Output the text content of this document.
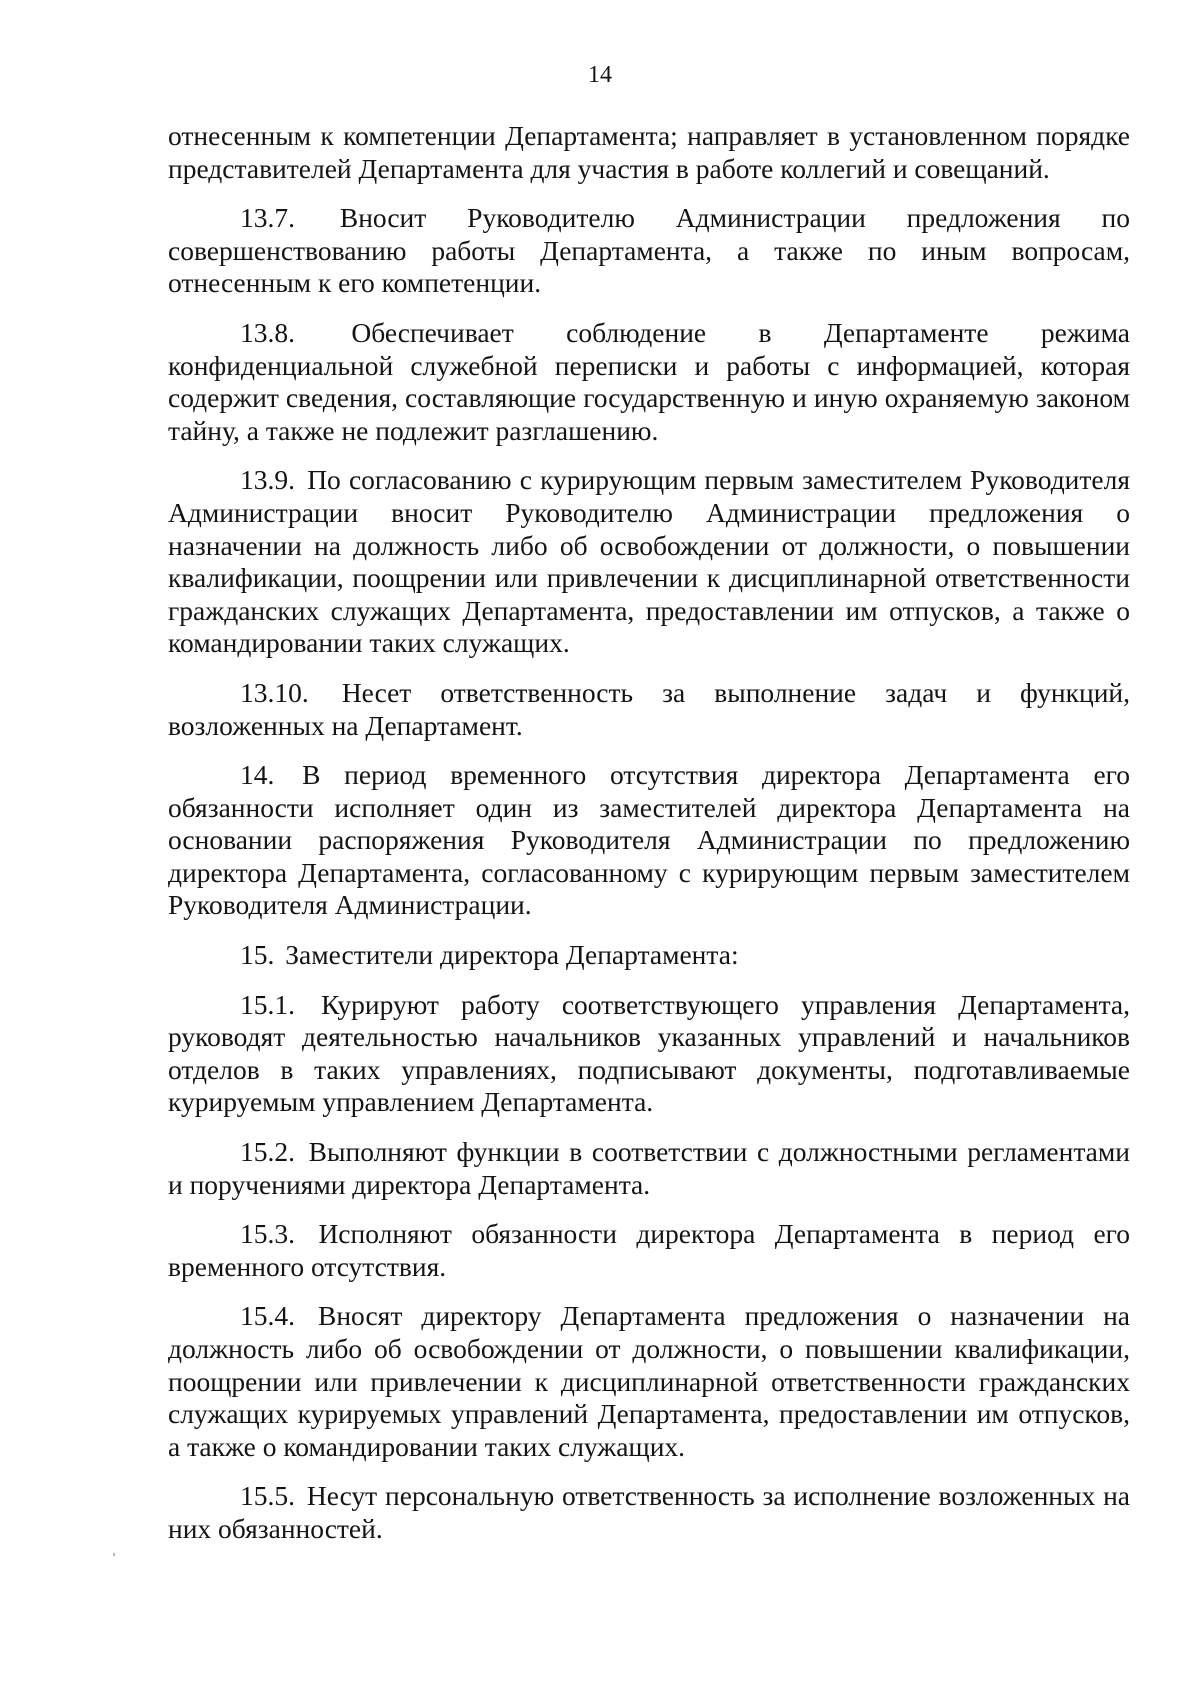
14

отнесенным к компетенции Департамента; направляет в установленном порядке представителей Департамента для участия в работе коллегий и совещаний.

13.7. Вносит Руководителю Администрации предложения по совершенствованию работы Департамента, а также по иным вопросам, отнесенным к его компетенции.

13.8. Обеспечивает соблюдение в Департаменте режима конфиденциальной служебной переписки и работы с информацией, которая содержит сведения, составляющие государственную и иную охраняемую законом тайну, а также не подлежит разглашению.

13.9. По согласованию с курирующим первым заместителем Руководителя Администрации вносит Руководителю Администрации предложения о назначении на должность либо об освобождении от должности, о повышении квалификации, поощрении или привлечении к дисциплинарной ответственности гражданских служащих Департамента, предоставлении им отпусков, а также о командировании таких служащих.

13.10. Несет ответственность за выполнение задач и функций, возложенных на Департамент.

14. В период временного отсутствия директора Департамента его обязанности исполняет один из заместителей директора Департамента на основании распоряжения Руководителя Администрации по предложению директора Департамента, согласованному с курирующим первым заместителем Руководителя Администрации.

15. Заместители директора Департамента:

15.1. Курируют работу соответствующего управления Департамента, руководят деятельностью начальников указанных управлений и начальников отделов в таких управлениях, подписывают документы, подготавливаемые курируемым управлением Департамента.

15.2. Выполняют функции в соответствии с должностными регламентами и поручениями директора Департамента.

15.3. Исполняют обязанности директора Департамента в период его временного отсутствия.

15.4. Вносят директору Департамента предложения о назначении на должность либо об освобождении от должности, о повышении квалификации, поощрении или привлечении к дисциплинарной ответственности гражданских служащих курируемых управлений Департамента, предоставлении им отпусков, а также о командировании таких служащих.

15.5. Несут персональную ответственность за исполнение возложенных на них обязанностей.
